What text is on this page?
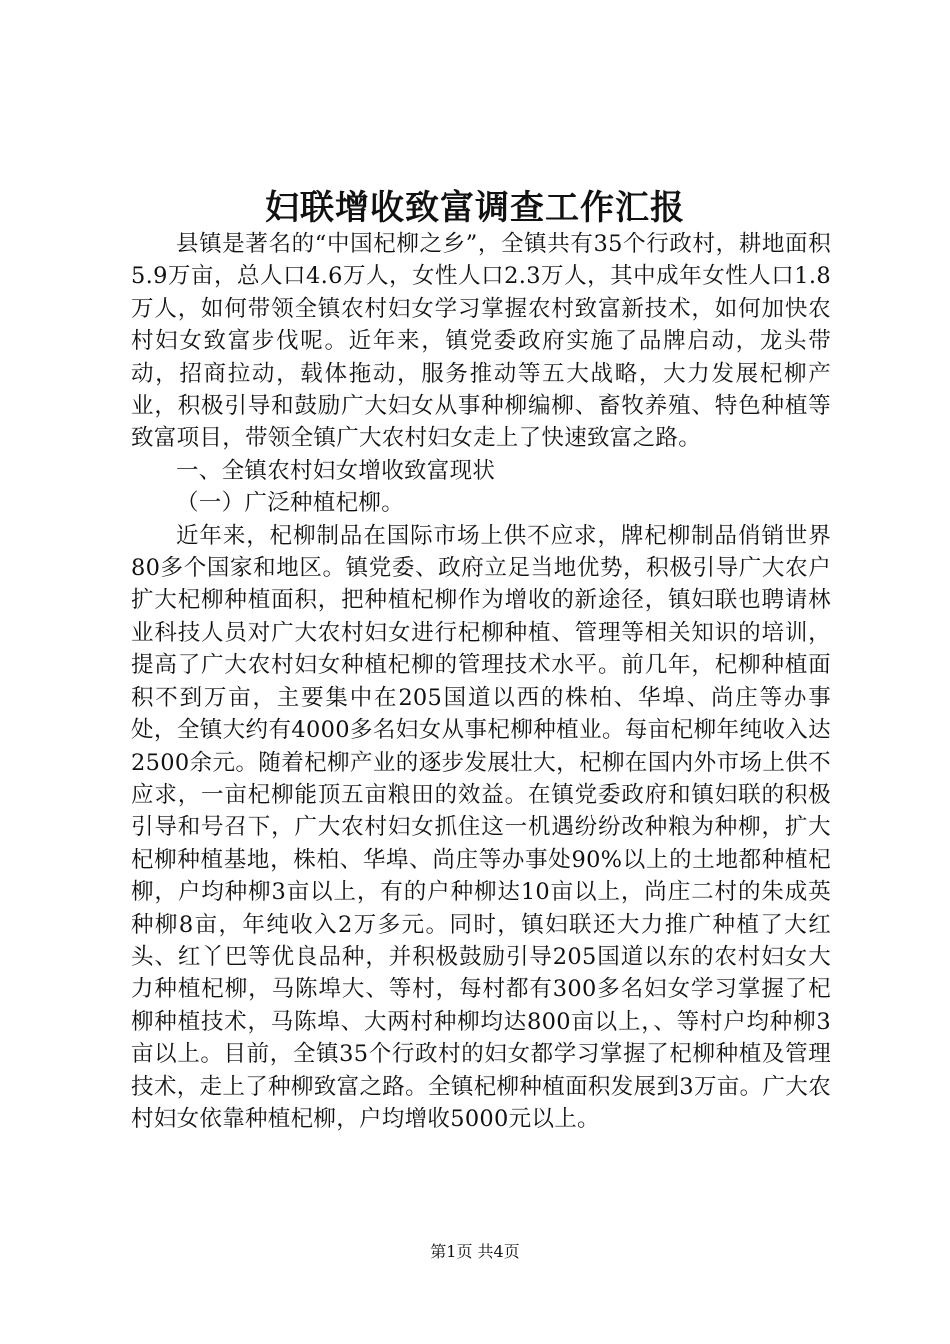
妇联增收致富调查工作汇报

县镇是著名的“中国杞柳之乡”，全镇共有35个行政村，耕地面积5.9万亩，总人口4.6万人，女性人口2.3万人，其中成年女性人口1.8万人，如何带领全镇农村妇女学习掌握农村致富新技术，如何加快农村妇女致富步伐呢。近年来，镇党委政府实施了品牌启动，龙头带动，招商拉动，载体拖动，服务推动等五大战略，大力发展杞柳产业，积极引导和鼓励广大妇女从事种柳编柳、畜牧养殖、特色种植等致富项目，带领全镇广大农村妇女走上了快速致富之路。

一、全镇农村妇女增收致富现状

（一）广泛种植杞柳。

近年来，杞柳制品在国际市场上供不应求，牌杞柳制品俏销世界80多个国家和地区。镇党委、政府立足当地优势，积极引导广大农户扩大杞柳种植面积，把种植杞柳作为增收的新途径，镇妇联也聘请林业科技人员对广大农村妇女进行杞柳种植、管理等相关知识的培训，提高了广大农村妇女种植杞柳的管理技术水平。前几年，杞柳种植面积不到万亩，主要集中在205国道以西的株柏、华埠、尚庄等办事处，全镇大约有4000多名妇女从事杞柳种植业。每亩杞柳年纯收入达2500余元。随着杞柳产业的逐步发展壮大，杞柳在国内外市场上供不应求，一亩杞柳能顶五亩粮田的效益。在镇党委政府和镇妇联的积极引导和号召下，广大农村妇女抓住这一机遇纷纷改种粮为种柳，扩大杞柳种植基地，株柏、华埠、尚庄等办事处90%以上的土地都种植杞柳，户均种柳3亩以上，有的户种柳达10亩以上，尚庄二村的朱成英种柳8亩，年纯收入2万多元。同时，镇妇联还大力推广种植了大红头、红丫巴等优良品种，并积极鼓励引导205国道以东的农村妇女大力种植杞柳，马陈埠大、等村，每村都有300多名妇女学习掌握了杞柳种植技术，马陈埠、大两村种柳均达800亩以上，、等村户均种柳3亩以上。目前，全镇35个行政村的妇女都学习掌握了杞柳种植及管理技术，走上了种柳致富之路。全镇杞柳种植面积发展到3万亩。广大农村妇女依靠种植杞柳，户均增收5000元以上。

第1页 共4页
